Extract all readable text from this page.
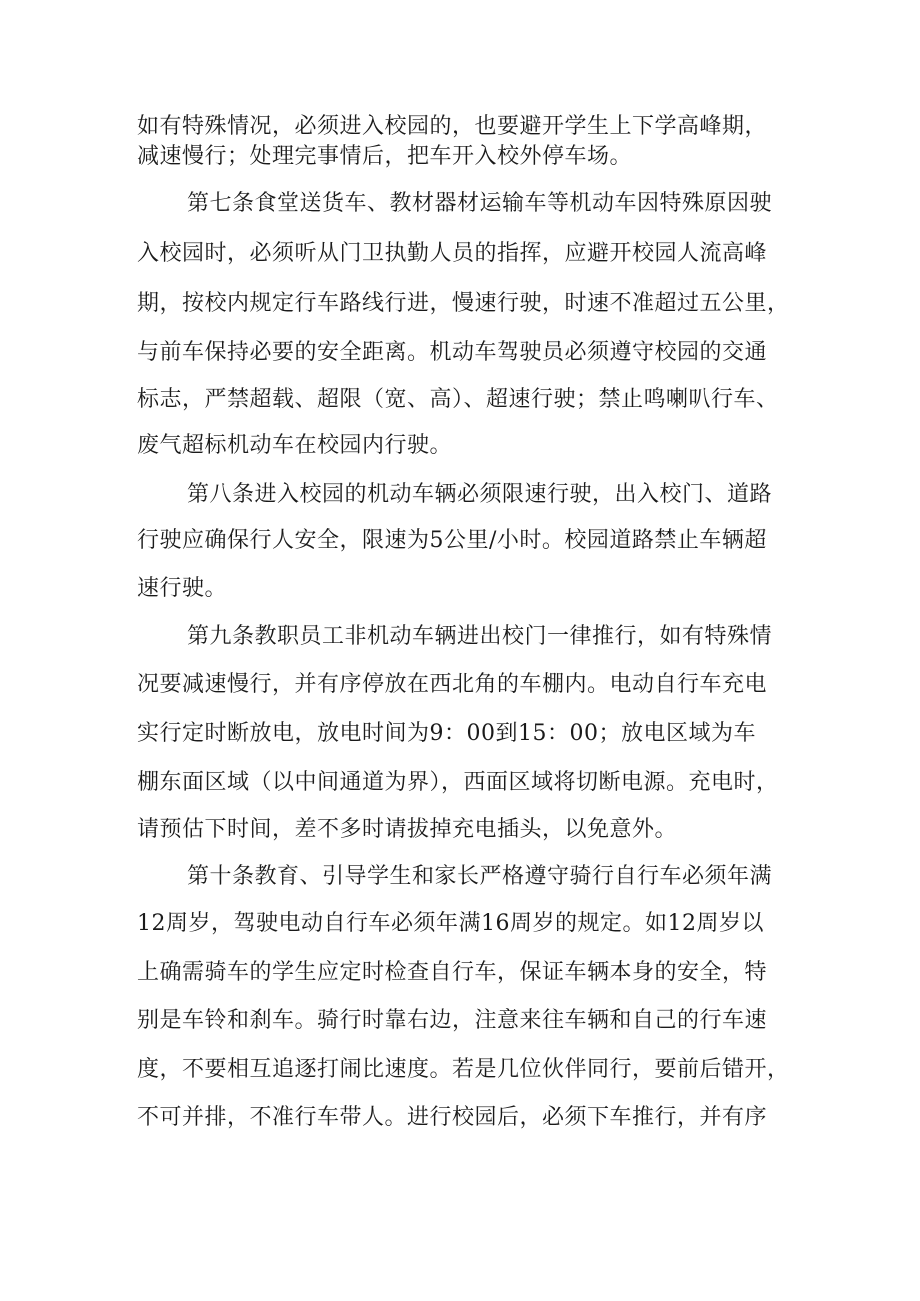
如有特殊情况，必须进入校园的，也要避开学生上下学高峰期，
减速慢行；处理完事情后，把车开入校外停车场。
第七条食堂送货车、教材器材运输车等机动车因特殊原因驶
入校园时，必须听从门卫执勤人员的指挥，应避开校园人流高峰
期，按校内规定行车路线行进，慢速行驶，时速不准超过五公里，
与前车保持必要的安全距离。机动车驾驶员必须遵守校园的交通
标志，严禁超载、超限（宽、高）、超速行驶；禁止鸣喇叭行车、
废气超标机动车在校园内行驶。
第八条进入校园的机动车辆必须限速行驶，出入校门、道路
行驶应确保行人安全，限速为5公里/小时。校园道路禁止车辆超
速行驶。
第九条教职员工非机动车辆进出校门一律推行，如有特殊情
况要减速慢行，并有序停放在西北角的车棚内。电动自行车充电
实行定时断放电，放电时间为9：00到15：00；放电区域为车
棚东面区域（以中间通道为界），西面区域将切断电源。充电时，
请预估下时间，差不多时请拔掉充电插头，以免意外。
第十条教育、引导学生和家长严格遵守骑行自行车必须年满
12周岁，驾驶电动自行车必须年满16周岁的规定。如12周岁以
上确需骑车的学生应定时检查自行车，保证车辆本身的安全，特
别是车铃和刹车。骑行时靠右边，注意来往车辆和自己的行车速
度，不要相互追逐打闹比速度。若是几位伙伴同行，要前后错开，
不可并排，不准行车带人。进行校园后，必须下车推行，并有序
